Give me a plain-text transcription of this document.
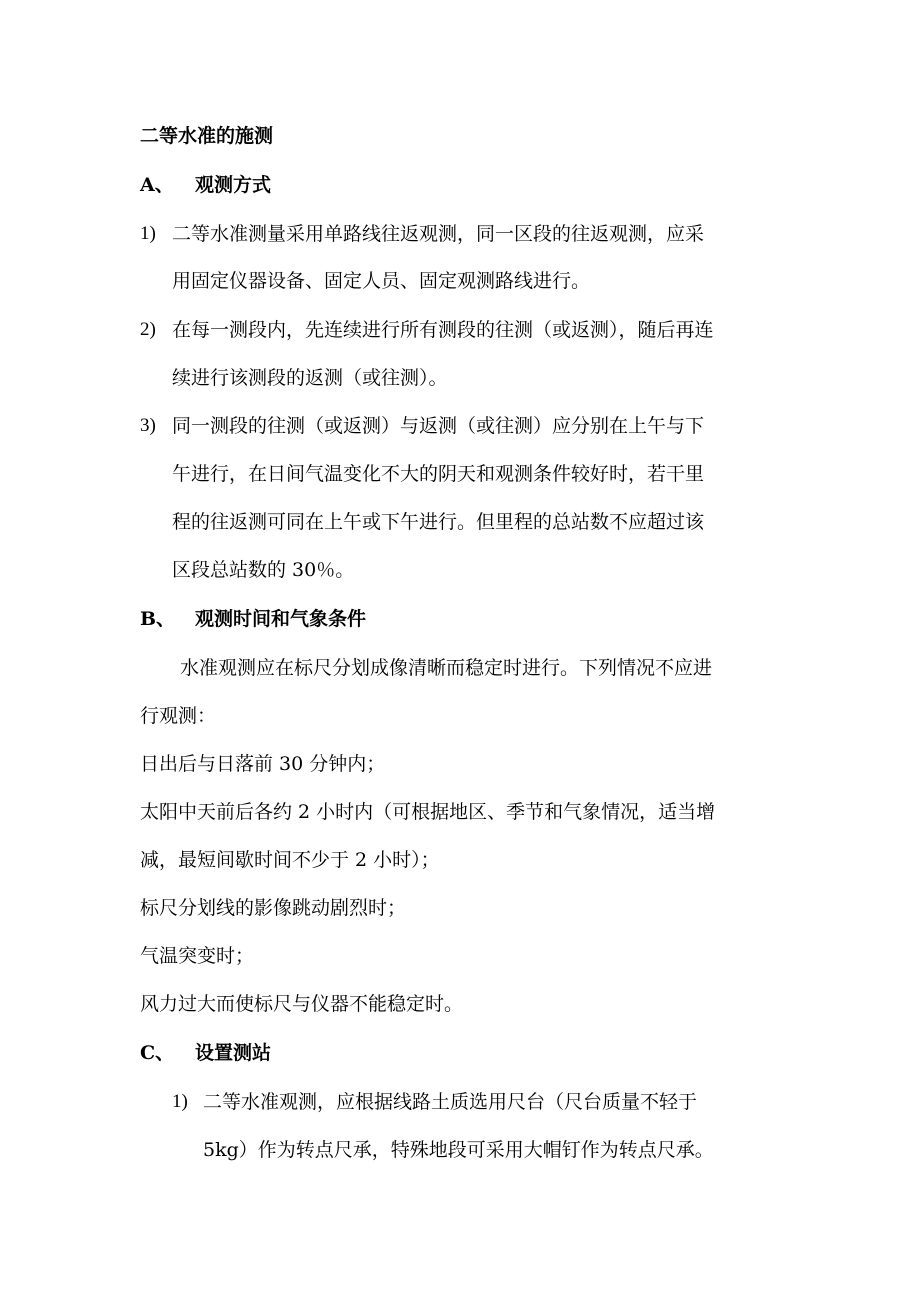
二等水准的施测
A、 观测方式
1) 二等水准测量采用单路线往返观测，同一区段的往返观测，应采
用固定仪器设备、固定人员、固定观测路线进行。
2) 在每一测段内，先连续进行所有测段的往测（或返测），随后再连
续进行该测段的返测（或往测）。
3) 同一测段的往测（或返测）与返测（或往测）应分别在上午与下
午进行，在日间气温变化不大的阴天和观测条件较好时，若干里
程的往返测可同在上午或下午进行。但里程的总站数不应超过该
区段总站数的 30％。
B、 观测时间和气象条件
水准观测应在标尺分划成像清晰而稳定时进行。下列情况不应进
行观测：
日出后与日落前 30 分钟内；
太阳中天前后各约 2 小时内（可根据地区、季节和气象情况，适当增
减，最短间歇时间不少于 2 小时）；
标尺分划线的影像跳动剧烈时；
气温突变时；
风力过大而使标尺与仪器不能稳定时。
C、 设置测站
1) 二等水准观测，应根据线路土质选用尺台（尺台质量不轻于
5kg）作为转点尺承，特殊地段可采用大帽钉作为转点尺承。
